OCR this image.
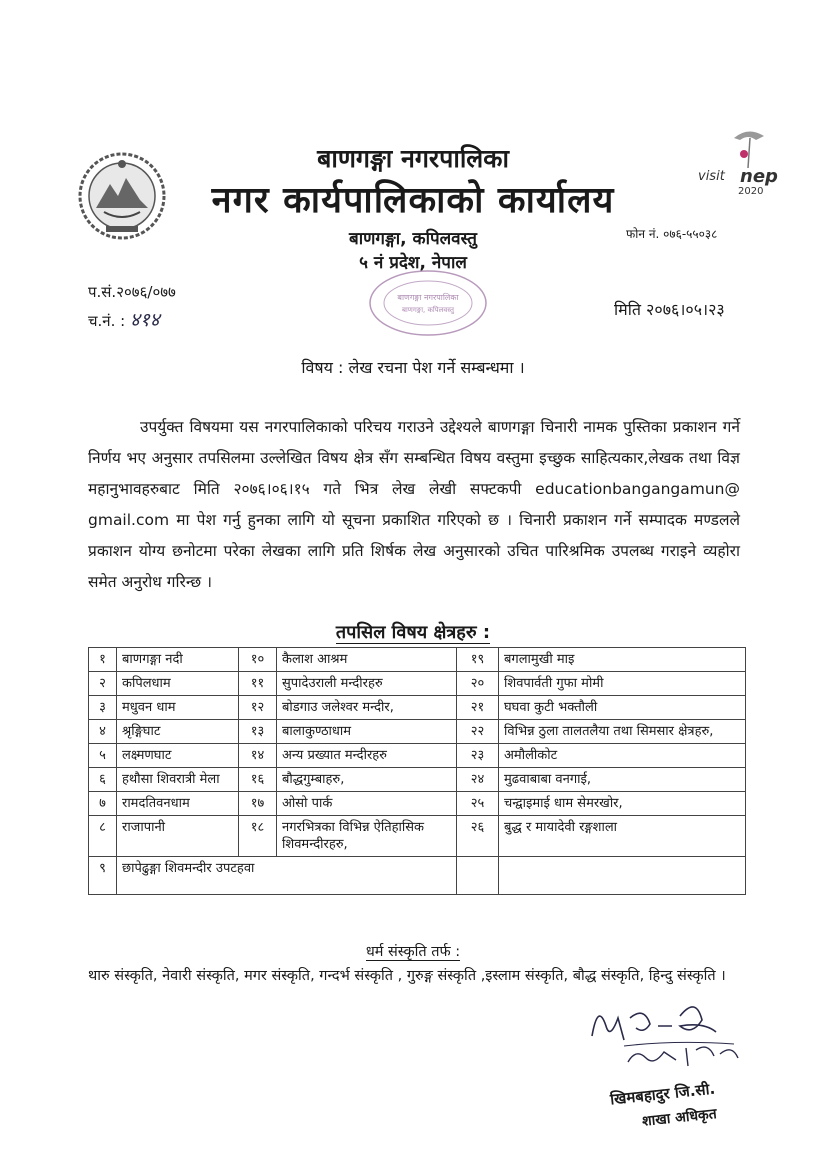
visit nep
2020
बाणगङ्गा नगरपालिका
नगर कार्यपालिकाको कार्यालय
बाणगङ्गा, कपिलवस्तु
५ नं प्रदेश, नेपाल
फोन नं. ०७६-५५०३८
बाणगङ्गा नगरपालिका
बाणगङ्गा, कपिलवस्तु
प.सं.२०७६/०७७
च.नं. : ४१४	मिति २०७६।०५।२३
विषय : लेख रचना पेश गर्ने सम्बन्धमा ।
उपर्युक्त विषयमा यस नगरपालिकाको परिचय गराउने उद्देश्यले बाणगङ्गा चिनारी नामक पुस्तिका प्रकाशन गर्ने निर्णय भए अनुसार तपसिलमा उल्लेखित विषय क्षेत्र सँग सम्बन्धित विषय वस्तुमा इच्छुक साहित्यकार,लेखक तथा विज्ञ महानुभावहरुबाट मिति २०७६।०६।१५ गते भित्र लेख लेखी सफ्टकपी educationbangangamun@ gmail.com मा पेश गर्नु हुनका लागि यो सूचना प्रकाशित गरिएको छ । चिनारी प्रकाशन गर्ने सम्पादक मण्डलले प्रकाशन योग्य छनोटमा परेका लेखका लागि प्रति शिर्षक लेख अनुसारको उचित पारिश्रमिक उपलब्ध गराइने व्यहोरा समेत अनुरोध गरिन्छ ।
तपसिल विषय क्षेत्रहरु :
१	बाणगङ्गा नदी	१०	कैलाश आश्रम	१९	बगलामुखी माइ
२	कपिलधाम	११	सुपादेउराली मन्दीरहरु	२०	शिवपार्वती गुफा मोमी
३	मधुवन धाम	१२	बोडगाउ जलेश्वर मन्दीर,	२१	घघवा कुटी भक्तौली
४	श्रृङ्गिघाट	१३	बालाकुण्ठाधाम	२२	विभिन्न ठुला तालतलैया तथा सिमसार क्षेत्रहरु,
५	लक्ष्मणघाट	१४	अन्य प्रख्यात मन्दीरहरु	२३	अमौलीकोट
६	हथौसा शिवरात्री मेला	१६	बौद्धगुम्बाहरु,	२४	मुढवाबाबा वनगाई,
७	रामदतिवनधाम	१७	ओसो पार्क	२५	चन्द्वाइमाई धाम सेमरखोर,
८	राजापानी	१८	नगरभित्रका विभिन्न ऐतिहासिक शिवमन्दीरहरु,	२६	बुद्ध र मायादेवी रङ्गशाला
९	छापेढुङ्गा शिवमन्दीर उपटहवा				
धर्म संस्कृति तर्फ :
थारु संस्कृति, नेवारी संस्कृति, मगर संस्कृति, गन्दर्भ संस्कृति , गुरुङ्ग संस्कृति ,इस्लाम संस्कृति, बौद्ध संस्कृति, हिन्दु संस्कृति ।
खिमबहादुर जि.सी.
शाखा अधिकृत
